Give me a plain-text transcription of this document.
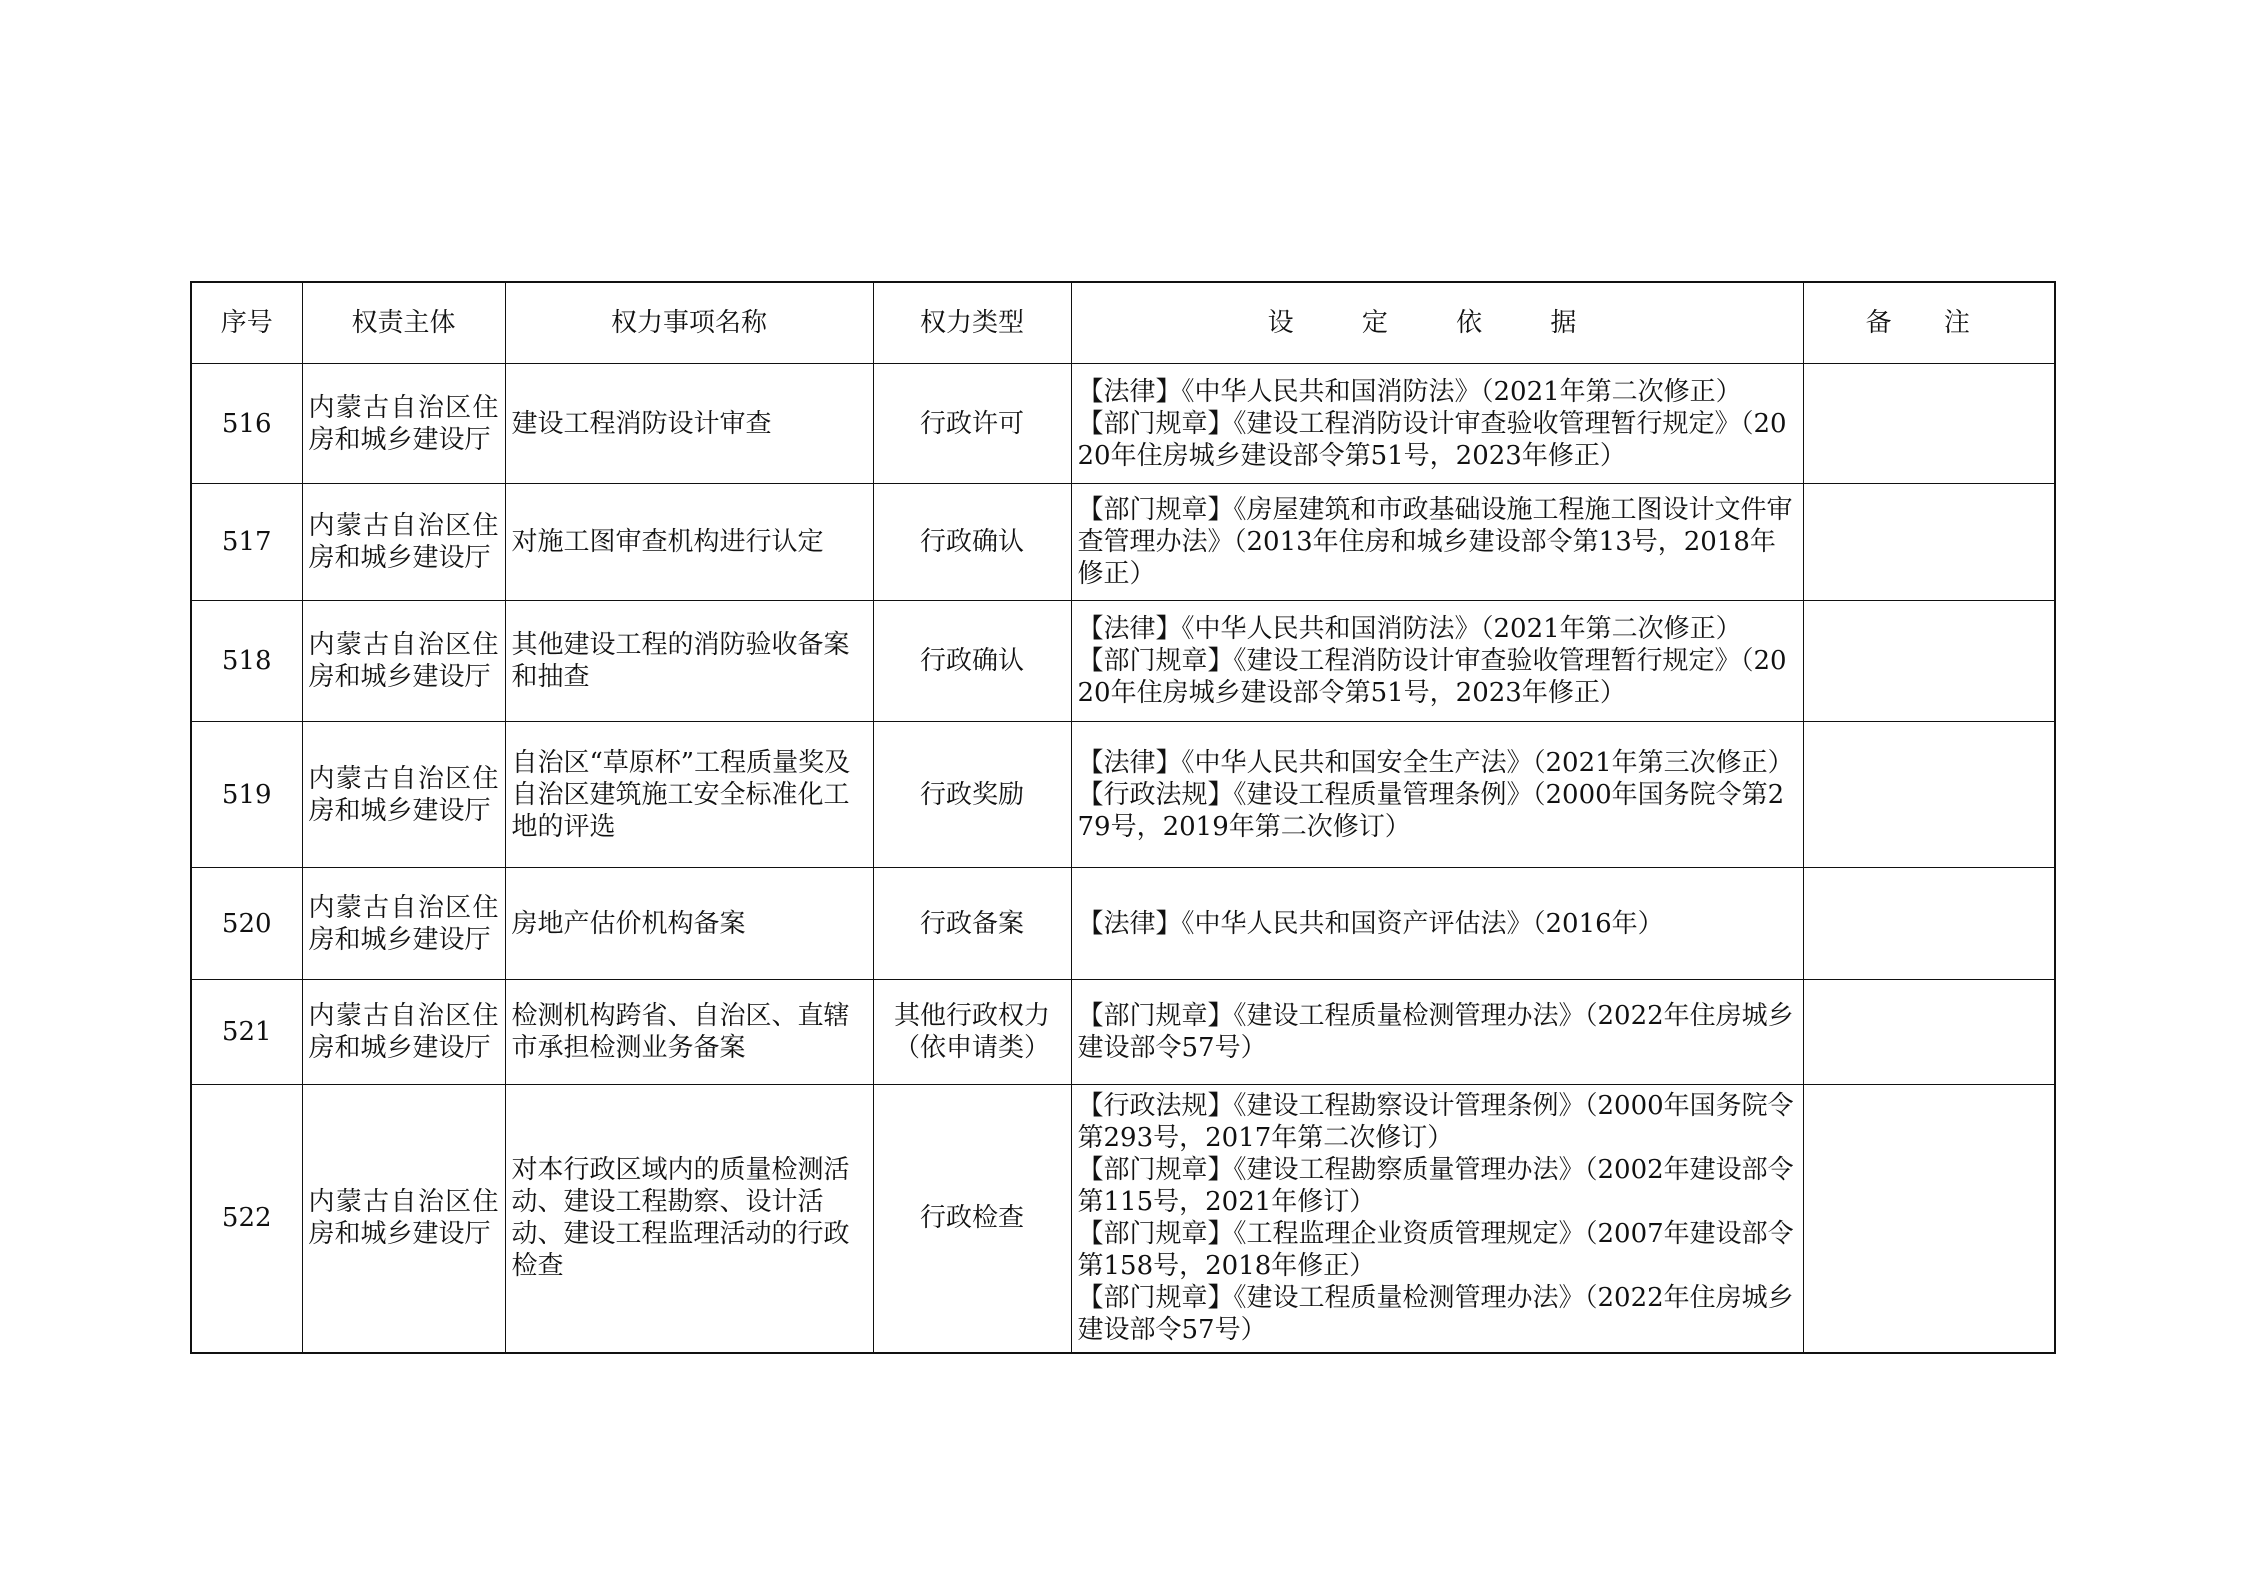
序号	权责主体	权力事项名称	权力类型	设 定 依 据	备 注
516	内蒙古自治区住房和城乡建设厅	建设工程消防设计审查	行政许可	【法律】《中华人民共和国消防法》（2021年第二次修正）
【部门规章】《建设工程消防设计审查验收管理暂行规定》（2020年住房城乡建设部令第51号，2023年修正）	

517	内蒙古自治区住房和城乡建设厅	对施工图审查机构进行认定	行政确认	【部门规章】《房屋建筑和市政基础设施工程施工图设计文件审查管理办法》（2013年住房和城乡建设部令第13号，2018年修正）	

518	内蒙古自治区住房和城乡建设厅	其他建设工程的消防验收备案和抽查	行政确认	【法律】《中华人民共和国消防法》（2021年第二次修正）
【部门规章】《建设工程消防设计审查验收管理暂行规定》（2020年住房城乡建设部令第51号，2023年修正）	

519	内蒙古自治区住房和城乡建设厅	自治区“草原杯”工程质量奖及自治区建筑施工安全标准化工地的评选	行政奖励	【法律】《中华人民共和国安全生产法》（2021年第三次修正）
【行政法规】《建设工程质量管理条例》（2000年国务院令第279号，2019年第二次修订）	

520	内蒙古自治区住房和城乡建设厅	房地产估价机构备案	行政备案	【法律】《中华人民共和国资产评估法》（2016年）	

521	内蒙古自治区住房和城乡建设厅	检测机构跨省、自治区、直辖市承担检测业务备案	其他行政权力（依申请类）	【部门规章】《建设工程质量检测管理办法》（2022年住房城乡建设部令57号）	

522	内蒙古自治区住房和城乡建设厅	对本行政区域内的质量检测活动、建设工程勘察、设计活动、建设工程监理活动的行政检查	行政检查	【行政法规】《建设工程勘察设计管理条例》（2000年国务院令第293号，2017年第二次修订）
【部门规章】《建设工程勘察质量管理办法》（2002年建设部令第115号，2021年修订）
【部门规章】《工程监理企业资质管理规定》（2007年建设部令第158号，2018年修正）
【部门规章】《建设工程质量检测管理办法》（2022年住房城乡建设部令57号）	
